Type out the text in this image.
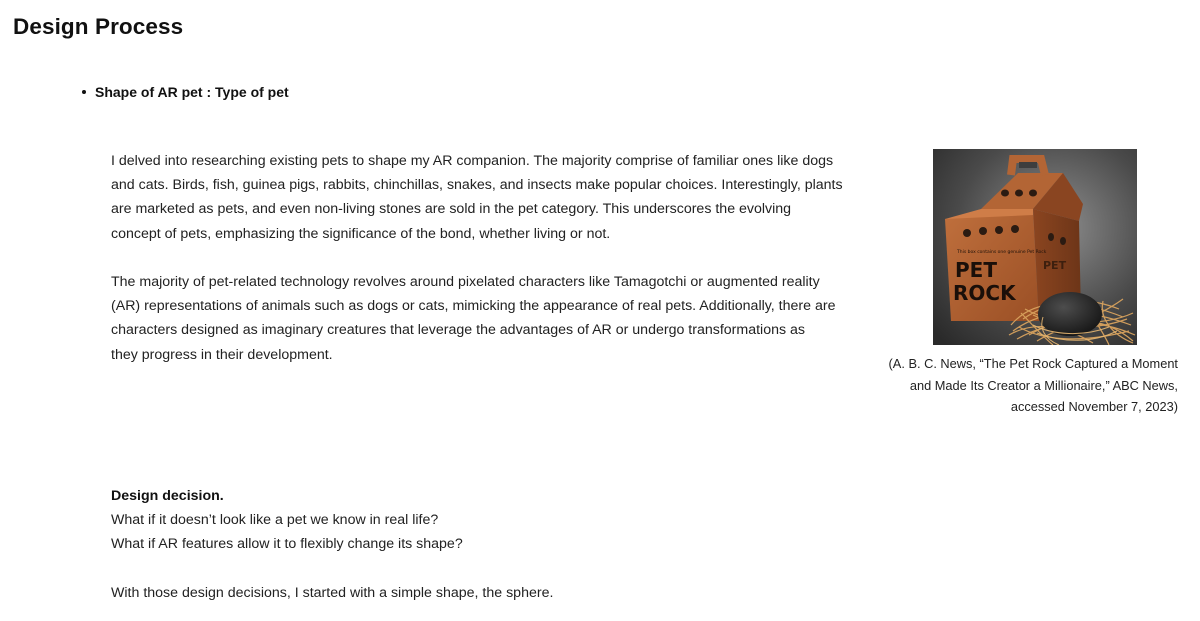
Design Process
Shape of AR pet : Type of pet
I delved into researching existing pets to shape my AR companion. The majority comprise of familiar ones like dogs
and cats. Birds, fish, guinea pigs, rabbits, chinchillas, snakes, and insects make popular choices. Interestingly, plants
are marketed as pets, and even non-living stones are sold in the pet category. This underscores the evolving
concept of pets, emphasizing the significance of the bond, whether living or not.
The majority of pet-related technology revolves around pixelated characters like Tamagotchi or augmented reality
(AR) representations of animals such as dogs or cats, mimicking the appearance of real pets. Additionally, there are
characters designed as imaginary creatures that leverage the advantages of AR or undergo transformations as
they progress in their development.
This box contains one genuine Pet Rock
PET
ROCK
PET
(A. B. C. News, “The Pet Rock Captured a Moment
and Made Its Creator a Millionaire,” ABC News,
accessed November 7, 2023)
Design decision.
What if it doesn’t look like a pet we know in real life?
What if AR features allow it to flexibly change its shape?
With those design decisions, I started with a simple shape, the sphere.
